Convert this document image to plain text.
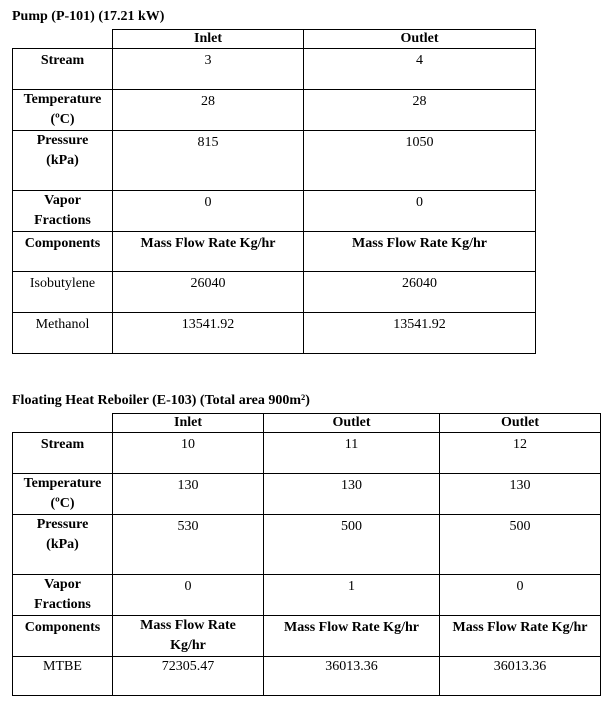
Pump (P-101) (17.21 kW)
	Inlet	Outlet

Stream	3	4

Temperature (ºC)	28	28

Pressure (kPa)	815	1050

Vapor Fractions	0	0

Components	Mass Flow Rate Kg/hr	Mass Flow Rate Kg/hr

Isobutylene	26040	26040

Methanol	13541.92	13541.92
Floating Heat Reboiler (E-103) (Total area 900m²)
	Inlet	Outlet	Outlet

Stream	10	11	12

Temperature (ºC)	130	130	130

Pressure (kPa)	530	500	500

Vapor Fractions	0	1	0

Components	Mass Flow Rate Kg/hr	Mass Flow Rate Kg/hr	Mass Flow Rate Kg/hr

MTBE	72305.47	36013.36	36013.36
